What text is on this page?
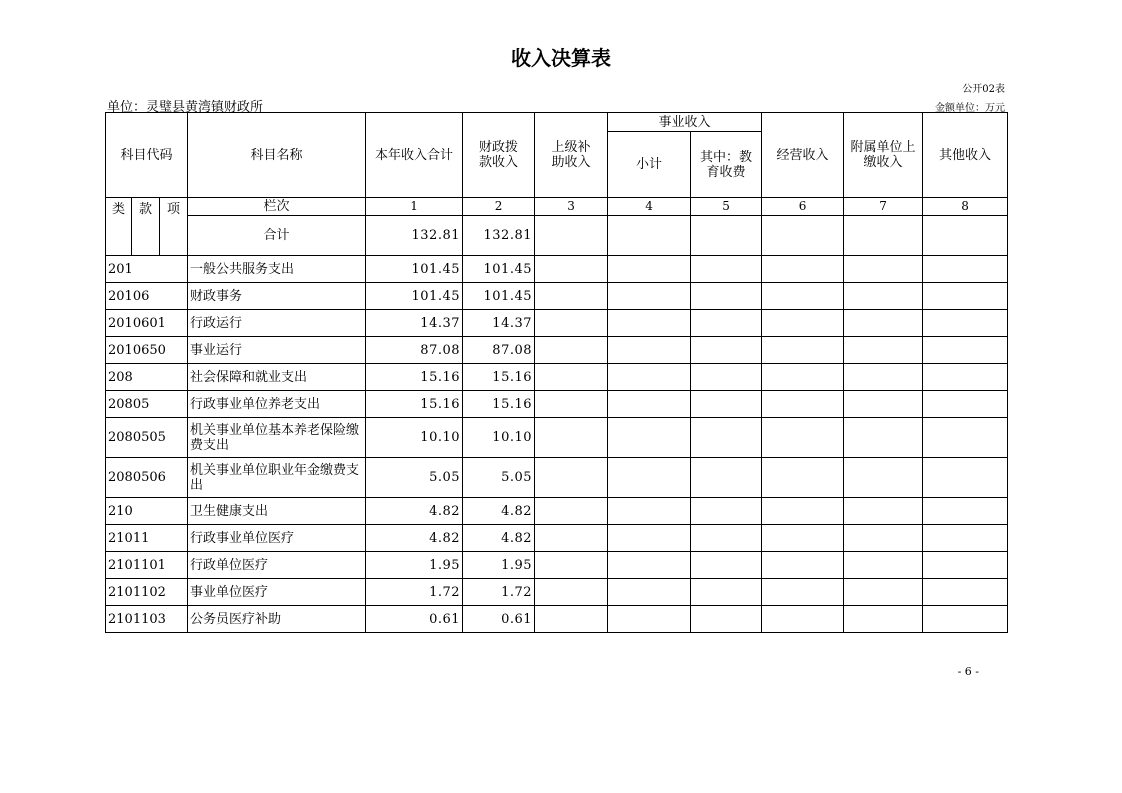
收入决算表
公开02表
单位：灵璧县黄湾镇财政所	金额单位：万元
科目代码			科目名称	本年收入合计	财政拨款收入	上级补助收入	事业收入		经营收入	附属单位上缴收入	其他收入
							小计	其中：教育收费			
类	款	项	栏次	1	2	3	4	5	6	7	8
			合计	132.81	132.81						
201			一般公共服务支出	101.45	101.45						
20106			财政事务	101.45	101.45						
2010601			行政运行	14.37	14.37						
2010650			事业运行	87.08	87.08						
208			社会保障和就业支出	15.16	15.16						
20805			行政事业单位养老支出	15.16	15.16						
2080505			机关事业单位基本养老保险缴费支出	10.10	10.10						
2080506			机关事业单位职业年金缴费支出	5.05	5.05						
210			卫生健康支出	4.82	4.82						
21011			行政事业单位医疗	4.82	4.82						
2101101			行政单位医疗	1.95	1.95						
2101102			事业单位医疗	1.72	1.72						
2101103			公务员医疗补助	0.61	0.61						
- 6 -
